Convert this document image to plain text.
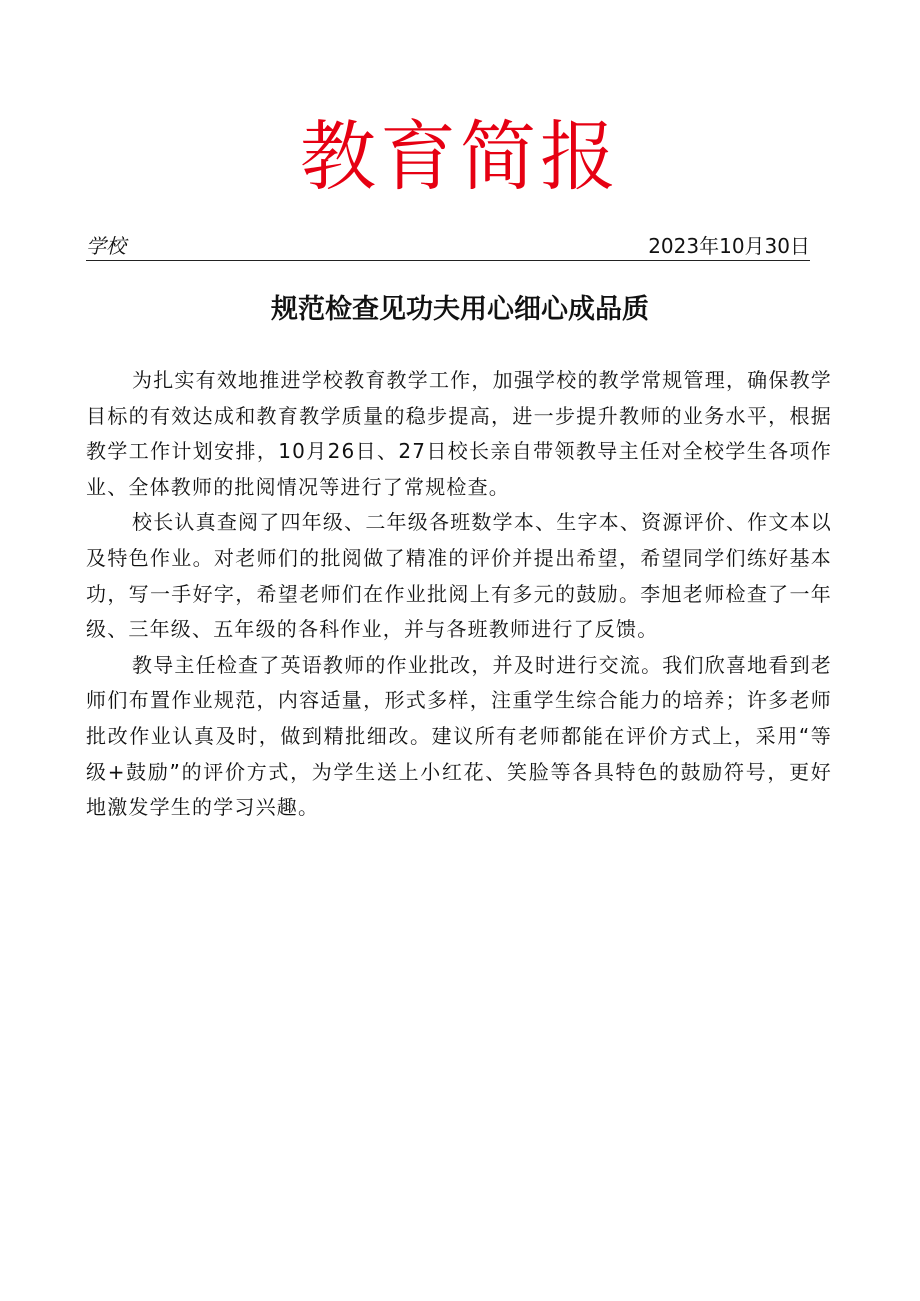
教育简报
学校	2023年10月30日
规范检查见功夫用心细心成品质

为扎实有效地推进学校教育教学工作，加强学校的教学常规管理，确保教学目标的有效达成和教育教学质量的稳步提高，进一步提升教师的业务水平，根据教学工作计划安排，10月26日、27日校长亲自带领教导主任对全校学生各项作业、全体教师的批阅情况等进行了常规检查。

校长认真查阅了四年级、二年级各班数学本、生字本、资源评价、作文本以及特色作业。对老师们的批阅做了精准的评价并提出希望，希望同学们练好基本功，写一手好字，希望老师们在作业批阅上有多元的鼓励。李旭老师检查了一年级、三年级、五年级的各科作业，并与各班教师进行了反馈。

教导主任检查了英语教师的作业批改，并及时进行交流。我们欣喜地看到老师们布置作业规范，内容适量，形式多样，注重学生综合能力的培养；许多老师批改作业认真及时，做到精批细改。建议所有老师都能在评价方式上，采用“等级+鼓励”的评价方式，为学生送上小红花、笑脸等各具特色的鼓励符号，更好地激发学生的学习兴趣。
